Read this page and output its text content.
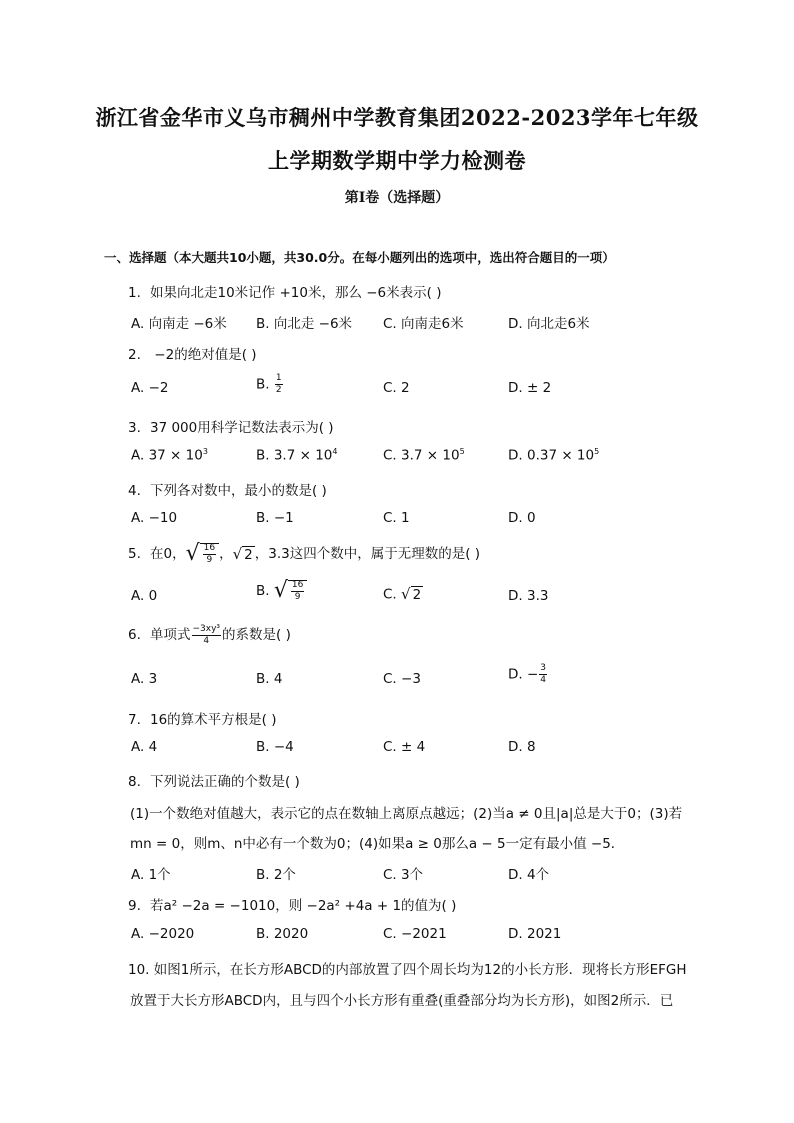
浙江省金华市义乌市稠州中学教育集团2022-2023学年七年级
上学期数学期中学力检测卷
第I卷（选择题）
一、选择题（本大题共10小题，共30.0分。在每小题列出的选项中，选出符合题目的一项）
1. 如果向北走10米记作 +10米，那么 −6米表示( )
A. 向南走 −6米 B. 向北走 −6米 C. 向南走6米	D. 向北走6米
2. −2的绝对值是( )
A. −2	B. $\frac{1}{2}$	C. 2	D. ± 2
3. 37 000用科学记数法表示为( )
A. $37 \times 10^3$	B. $3.7 \times 10^4$	C. $3.7 \times 10^5$	D. $0.37 \times 10^5$
4. 下列各对数中，最小的数是( )
A. −10	B. −1	C. 1	D. 0
5. 在0， √ $\frac{16}{9}$ ， √ 2 ，3.3这四个数中，属于无理数的是( )
A. 0	B. √ $\frac{16}{9}$	C. √ 2	D. 3.3
6. 单项式 $\frac{\text{−3xy³}}{4}$ 的系数是( )
A. 3	B. 4	C. −3	D. − $\frac{3}{4}$
7. 16的算术平方根是( )
A. 4	B. −4	C. ± 4	D. 8
8. 下列说法正确的个数是( )
(1)一个数绝对值越大，表示它的点在数轴上离原点越远；(2)当a ≠ 0且|a|总是大于0；(3)若
mn = 0，则m、n中必有一个数为0；(4)如果a ≥ 0那么a − 5一定有最小值 −5．
A. 1个	B. 2个	C. 3个	D. 4个
9. 若a² −2a = −1010，则 −2a² +4a + 1的值为( )
A. −2020	B. 2020	C. −2021	D. 2021
10. 如图1所示，在长方形ABCD的内部放置了四个周长均为12的小长方形．现将长方形EFGH
放置于大长方形ABCD内，且与四个小长方形有重叠(重叠部分均为长方形)，如图2所示．已
